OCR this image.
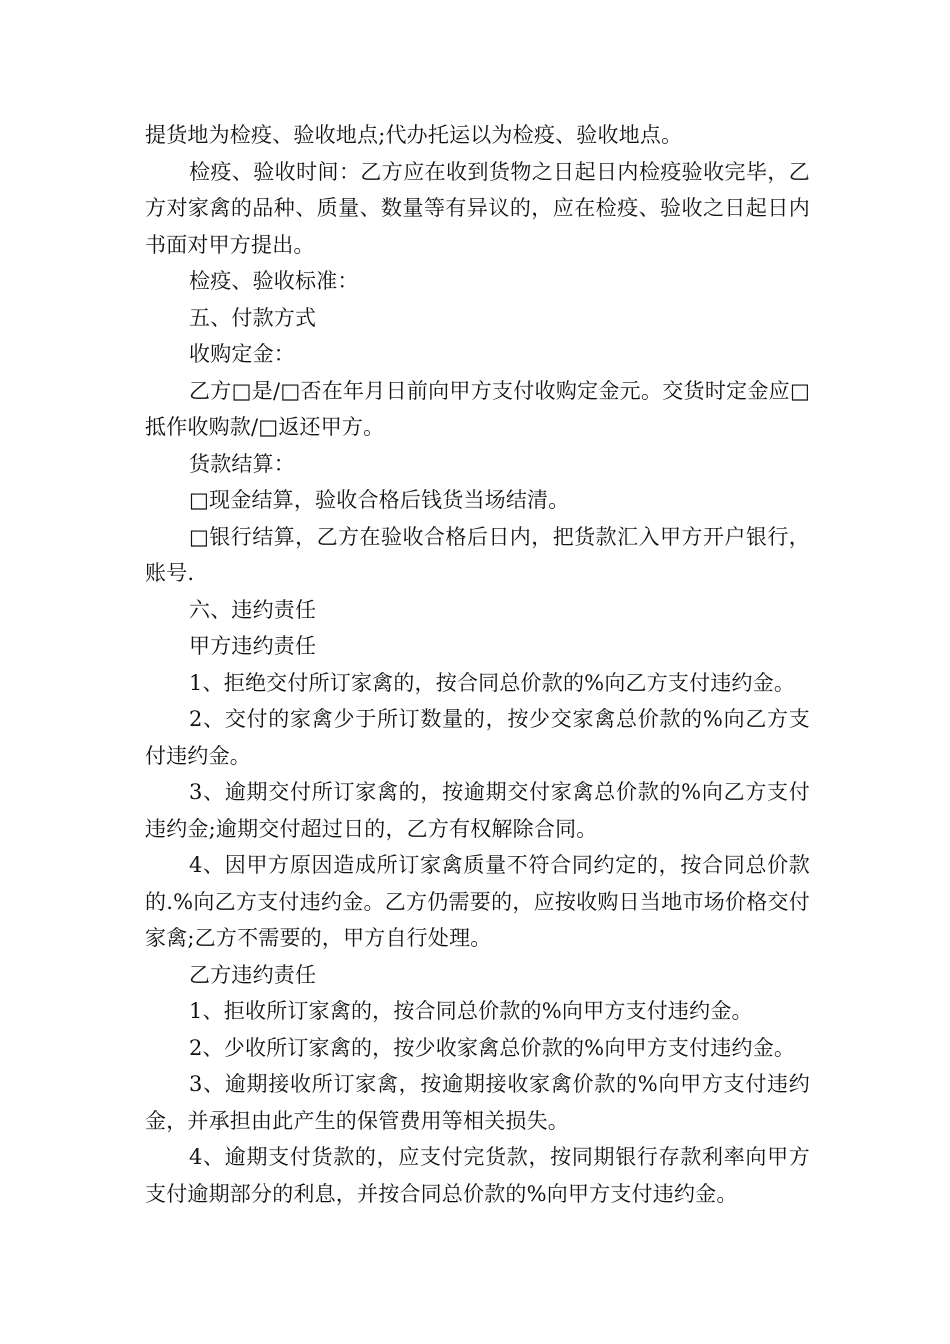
提货地为检疫、验收地点;代办托运以为检疫、验收地点。

检疫、验收时间：乙方应在收到货物之日起日内检疫验收完毕，乙方对家禽的品种、质量、数量等有异议的，应在检疫、验收之日起日内书面对甲方提出。

检疫、验收标准：

五、付款方式

收购定金：

乙方□是/□否在年月日前向甲方支付收购定金元。交货时定金应□抵作收购款/□返还甲方。

货款结算：

□现金结算，验收合格后钱货当场结清。

□银行结算，乙方在验收合格后日内，把货款汇入甲方开户银行，账号.

六、违约责任

甲方违约责任

1、拒绝交付所订家禽的，按合同总价款的%向乙方支付违约金。

2、交付的家禽少于所订数量的，按少交家禽总价款的%向乙方支付违约金。

3、逾期交付所订家禽的，按逾期交付家禽总价款的%向乙方支付违约金;逾期交付超过日的，乙方有权解除合同。

4、因甲方原因造成所订家禽质量不符合同约定的，按合同总价款的.%向乙方支付违约金。乙方仍需要的，应按收购日当地市场价格交付家禽;乙方不需要的，甲方自行处理。

乙方违约责任

1、拒收所订家禽的，按合同总价款的%向甲方支付违约金。

2、少收所订家禽的，按少收家禽总价款的%向甲方支付违约金。

3、逾期接收所订家禽，按逾期接收家禽价款的%向甲方支付违约金，并承担由此产生的保管费用等相关损失。

4、逾期支付货款的，应支付完货款，按同期银行存款利率向甲方支付逾期部分的利息，并按合同总价款的%向甲方支付违约金。
